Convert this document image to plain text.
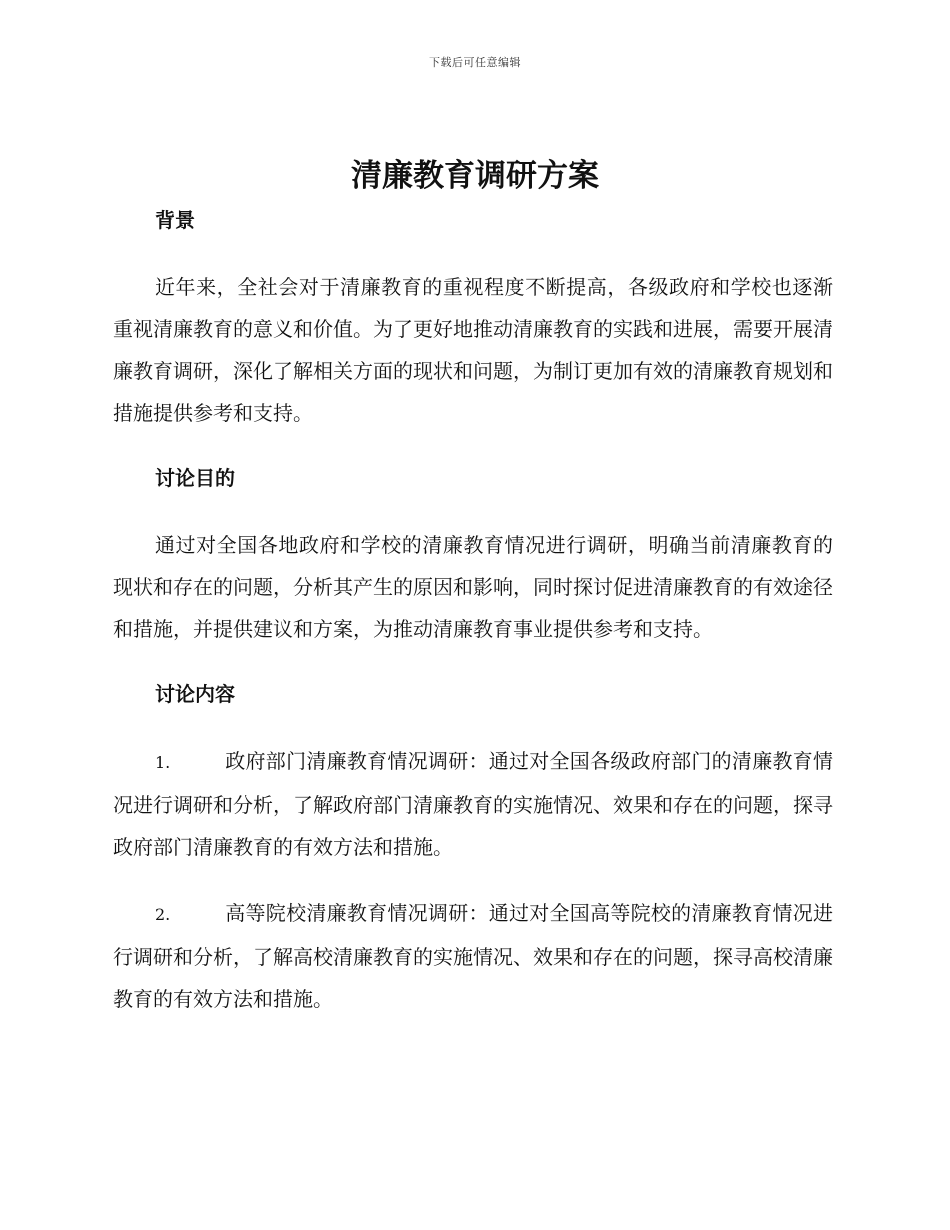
下载后可任意编辑
清廉教育调研方案
背景

近年来，全社会对于清廉教育的重视程度不断提高，各级政府和学校也逐渐重视清廉教育的意义和价值。为了更好地推动清廉教育的实践和进展，需要开展清廉教育调研，深化了解相关方面的现状和问题，为制订更加有效的清廉教育规划和措施提供参考和支持。

讨论目的

通过对全国各地政府和学校的清廉教育情况进行调研，明确当前清廉教育的现状和存在的问题，分析其产生的原因和影响，同时探讨促进清廉教育的有效途径和措施，并提供建议和方案，为推动清廉教育事业提供参考和支持。

讨论内容

1.	政府部门清廉教育情况调研：通过对全国各级政府部门的清廉教育情况进行调研和分析，了解政府部门清廉教育的实施情况、效果和存在的问题，探寻政府部门清廉教育的有效方法和措施。

2.	高等院校清廉教育情况调研：通过对全国高等院校的清廉教育情况进行调研和分析，了解高校清廉教育的实施情况、效果和存在的问题，探寻高校清廉教育的有效方法和措施。
